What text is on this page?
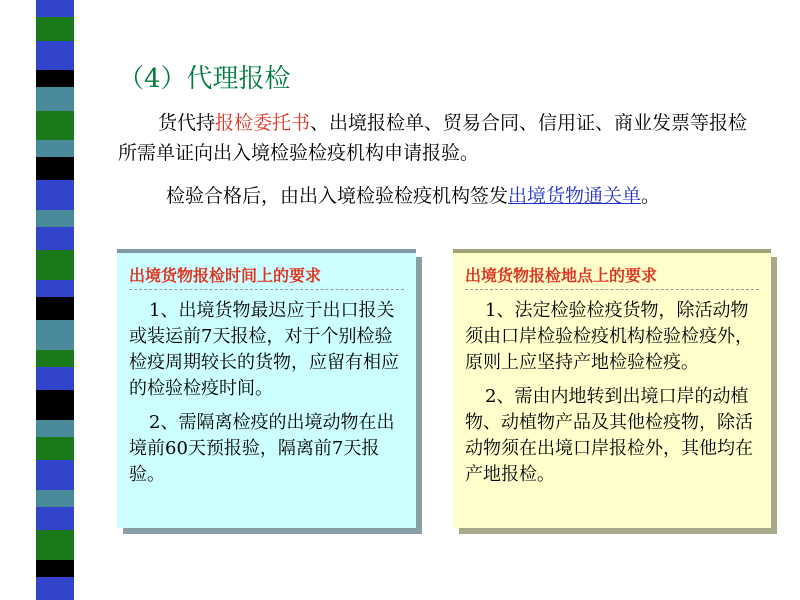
（4）代理报检
货代持报检委托书、出境报检单、贸易合同、信用证、商业发票等报检所需单证向出入境检验检疫机构申请报验。
检验合格后，由出入境检验检疫机构签发出境货物通关单。
出境货物报检时间上的要求

1、出境货物最迟应于出口报关或装运前7天报检，对于个别检验检疫周期较长的货物，应留有相应的检验检疫时间。

2、需隔离检疫的出境动物在出境前60天预报验，隔离前7天报验。

出境货物报检地点上的要求

1、法定检验检疫货物，除活动物须由口岸检验检疫机构检验检疫外，原则上应坚持产地检验检疫。

2、需由内地转到出境口岸的动植物、动植物产品及其他检疫物，除活动物须在出境口岸报检外，其他均在产地报检。
